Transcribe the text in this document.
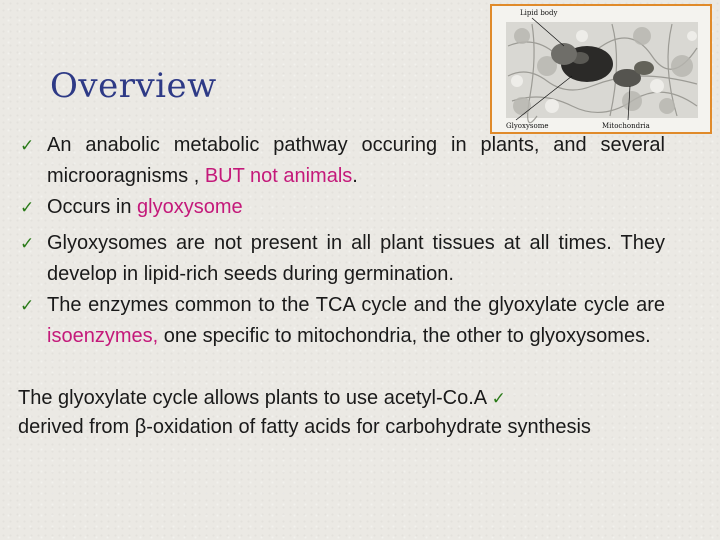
Overview
Lipid body
Glyoxysome	Mitochondria
✓ An anabolic metabolic pathway occuring in plants, and several microoragnisms , BUT not animals.
✓ Occurs in glyoxysome
✓ Glyoxysomes are not present in all plant tissues at all times. They develop in lipid-rich seeds during germination.
✓ The enzymes common to the TCA cycle and the glyoxylate cycle are isoenzymes, one specific to mitochondria, the other to glyoxysomes.
The glyoxylate cycle allows plants to use acetyl-Co.A ✓
derived from β-oxidation of fatty acids for carbohydrate synthesis
